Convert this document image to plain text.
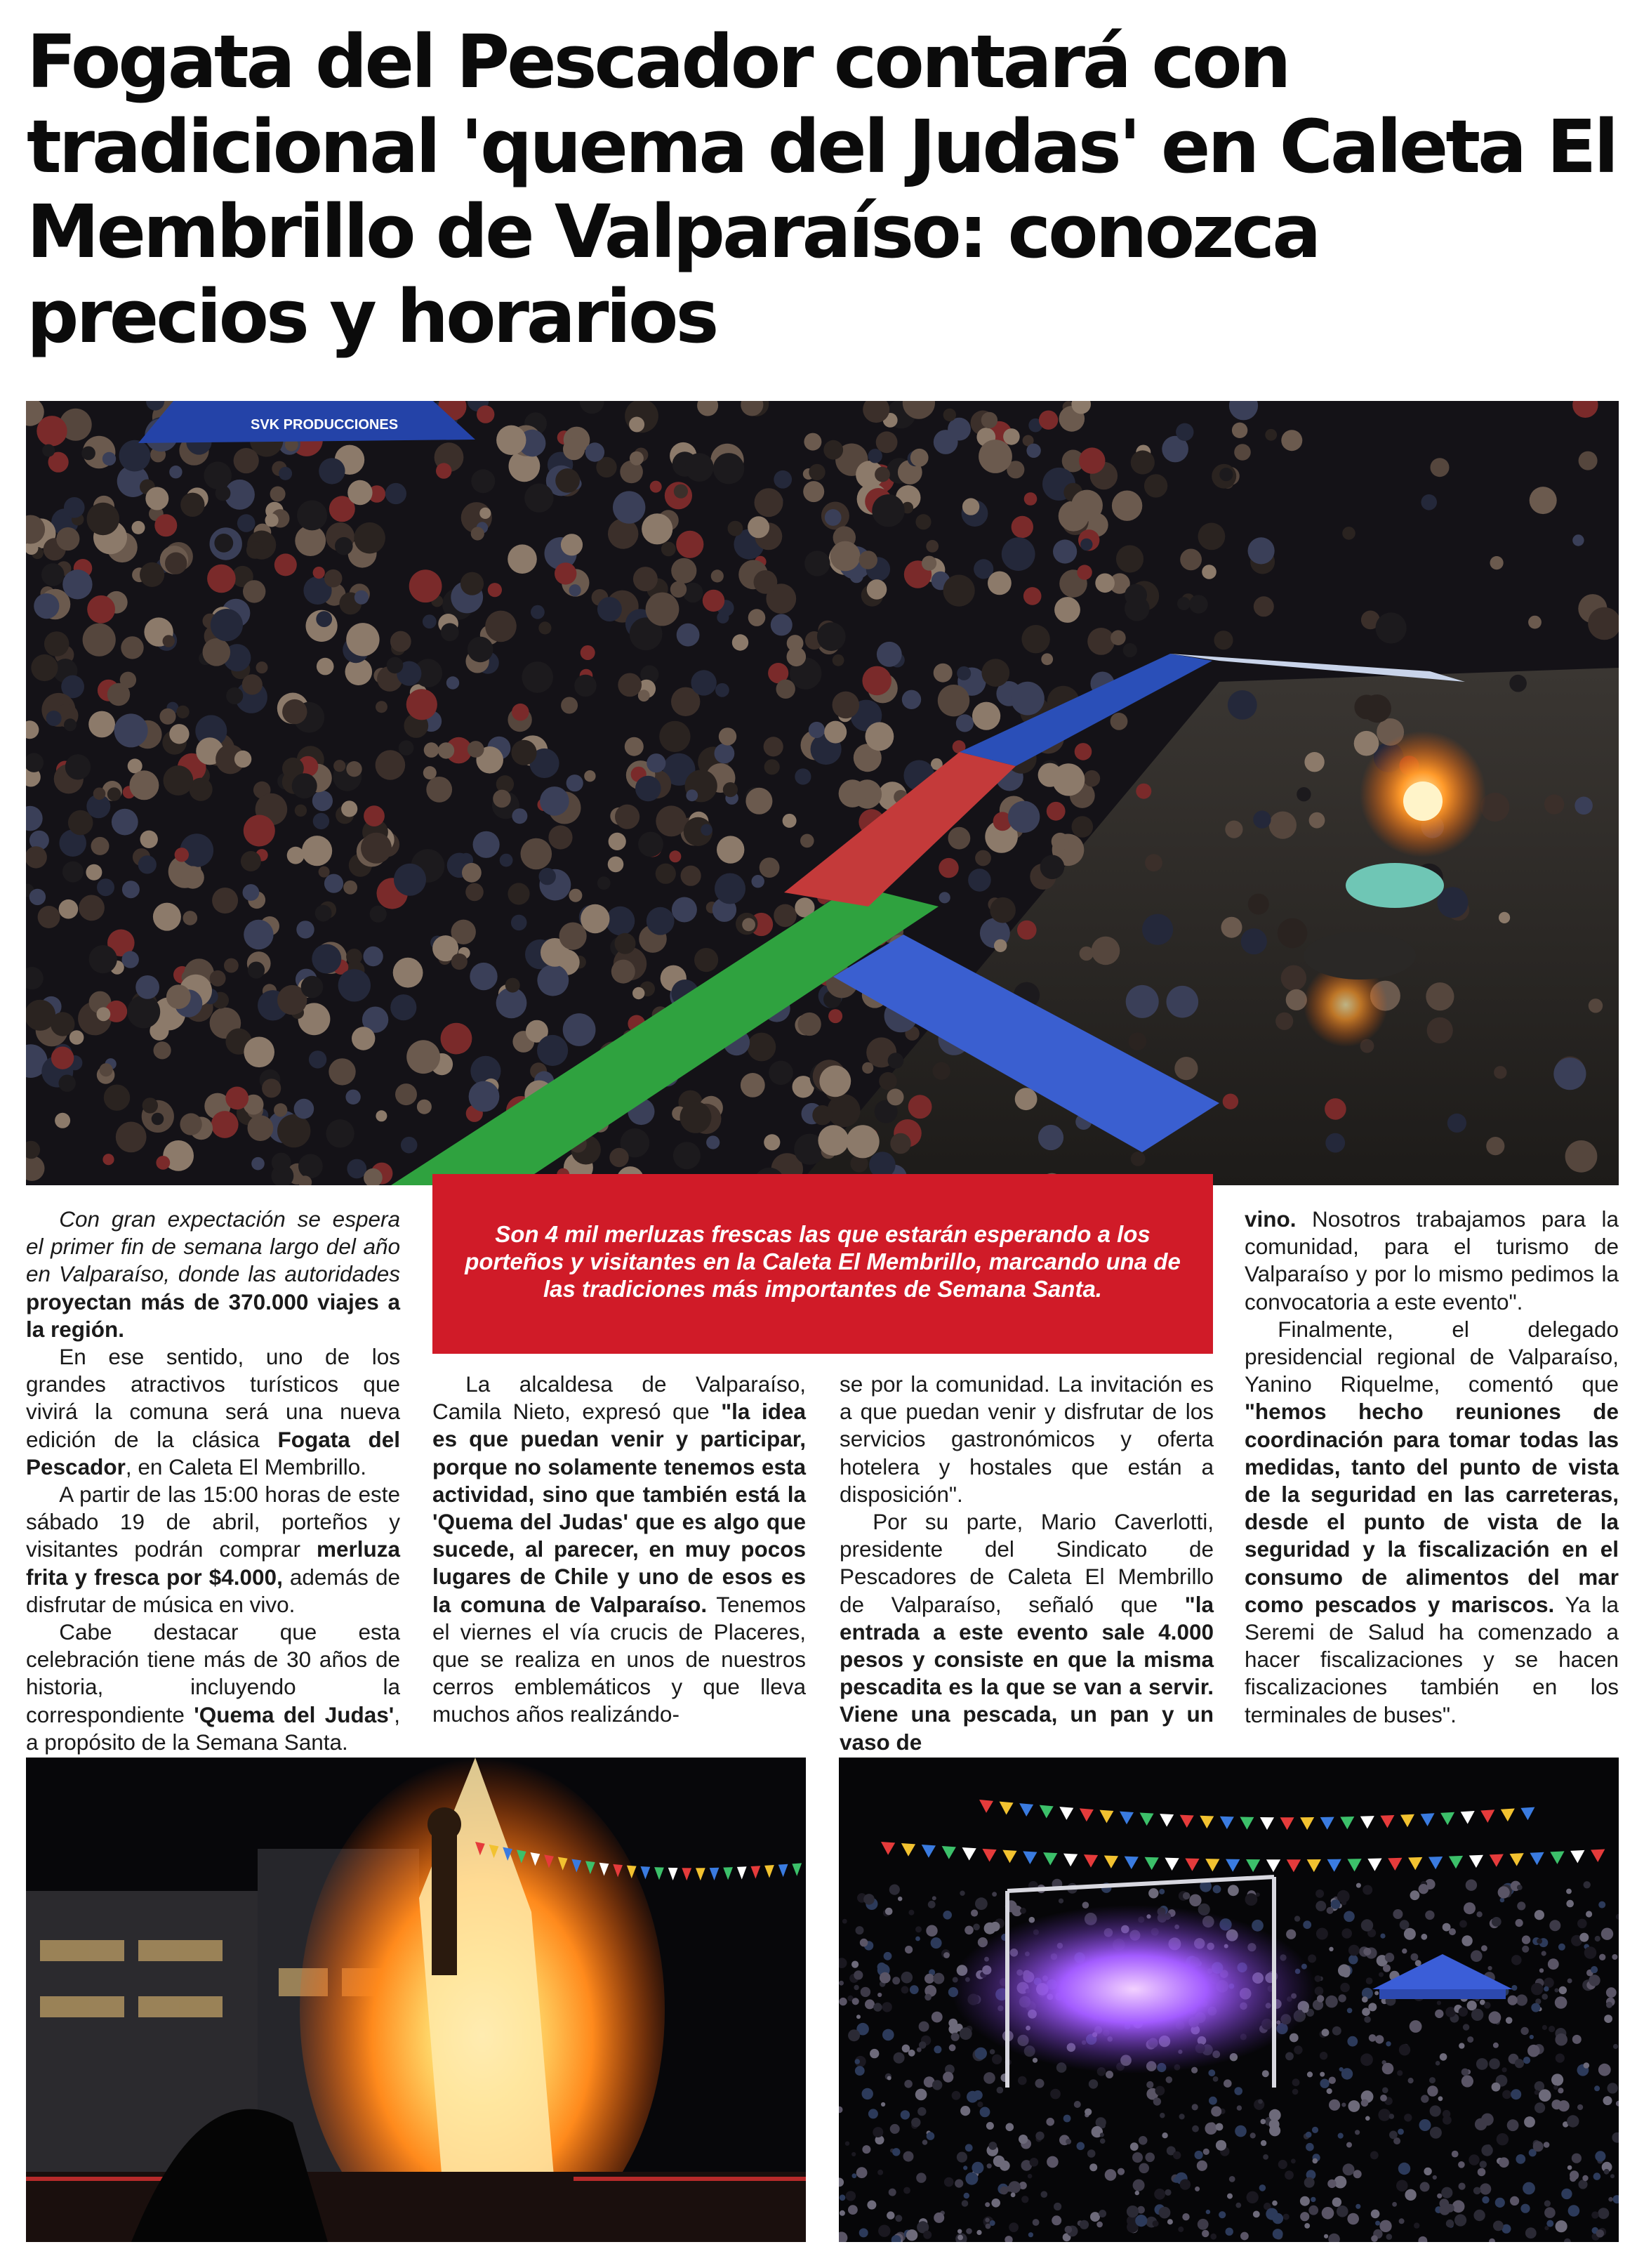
Fogata del Pescador contará con tradicional 'quema del Judas' en Caleta El Membrillo de Valparaíso: conozca precios y horarios
SVK PRODUCCIONES

Con gran expectación se espera el primer fin de semana largo del año en Valparaíso, donde las autoridades proyectan más de 370.000 viajes a la región.

En ese sentido, uno de los grandes atractivos turísticos que vivirá la comuna será una nueva edición de la clásica Fogata del Pescador, en Caleta El Membrillo.

A partir de las 15:00 horas de este sábado 19 de abril, porteños y visitantes podrán comprar merluza frita y fresca por $4.000, además de disfrutar de música en vivo.

Cabe destacar que esta celebración tiene más de 30 años de historia, incluyendo la correspondiente 'Quema del Judas', a propósito de la Semana Santa.

Son 4 mil merluzas frescas las que estarán esperando a los porteños y visitantes en la Caleta El Membrillo, marcando una de las tradiciones más importantes de Semana Santa.

La alcaldesa de Valparaíso, Camila Nieto, expresó que "la idea es que puedan venir y participar, porque no solamente tenemos esta actividad, sino que también está la 'Quema del Judas' que es algo que sucede, al parecer, en muy pocos lugares de Chile y uno de esos es la comuna de Valparaíso. Tenemos el viernes el vía crucis de Placeres, que se realiza en unos de nuestros cerros emblemáticos y que lleva muchos años realizándo-

se por la comunidad. La invitación es a que puedan venir y disfrutar de los servicios gastronómicos y oferta hotelera y hostales que están a disposición".

Por su parte, Mario Caverlotti, presidente del Sindicato de Pescadores de Caleta El Membrillo de Valparaíso, señaló que "la entrada a este evento sale 4.000 pesos y consiste en que la misma pescadita es la que se van a servir. Viene una pescada, un pan y un vaso de

vino. Nosotros trabajamos para la comunidad, para el turismo de Valparaíso y por lo mismo pedimos la convocatoria a este evento".

Finalmente, el delegado presidencial regional de Valparaíso, Yanino Riquelme, comentó que "hemos hecho reuniones de coordinación para tomar todas las medidas, tanto del punto de vista de la seguridad en las carreteras, desde el punto de vista de la seguridad y la fiscalización en el consumo de alimentos del mar como pescados y mariscos. Ya la Seremi de Salud ha comenzado a hacer fiscalizaciones y se hacen fiscalizaciones también en los terminales de buses".
